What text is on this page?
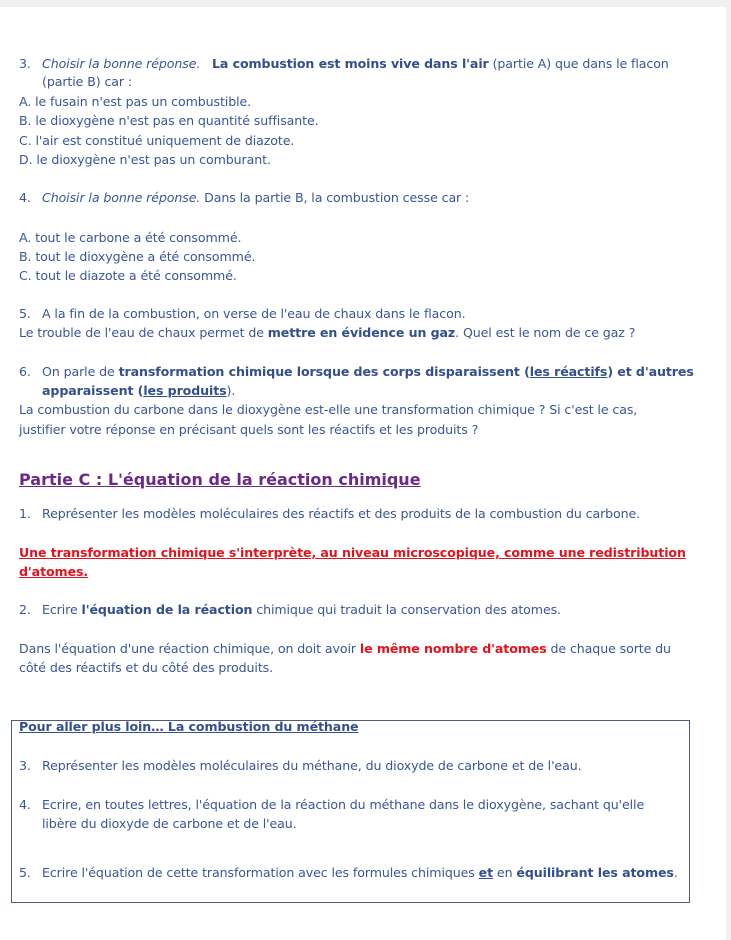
3. Choisir la bonne réponse. La combustion est moins vive dans l'air (partie A) que dans le flacon
(partie B) car :
A. le fusain n'est pas un combustible.
B. le dioxygène n'est pas en quantité suffisante.
C. l'air est constitué uniquement de diazote.
D. le dioxygène n'est pas un comburant.
4. Choisir la bonne réponse. Dans la partie B, la combustion cesse car :
A. tout le carbone a été consommé.
B. tout le dioxygène a été consommé.
C. tout le diazote a été consommé.
5. A la fin de la combustion, on verse de l'eau de chaux dans le flacon.
Le trouble de l'eau de chaux permet de mettre en évidence un gaz. Quel est le nom de ce gaz ?
6. On parle de transformation chimique lorsque des corps disparaissent (les réactifs) et d'autres
apparaissent (les produits).
La combustion du carbone dans le dioxygène est-elle une transformation chimique ? Si c'est le cas,
justifier votre réponse en précisant quels sont les réactifs et les produits ?
Partie C : L'équation de la réaction chimique
1. Représenter les modèles moléculaires des réactifs et des produits de la combustion du carbone.
Une transformation chimique s'interprète, au niveau microscopique, comme une redistribution
d'atomes.
2. Ecrire l'équation de la réaction chimique qui traduit la conservation des atomes.
Dans l'équation d'une réaction chimique, on doit avoir le même nombre d'atomes de chaque sorte du
côté des réactifs et du côté des produits.
Pour aller plus loin… La combustion du méthane
3. Représenter les modèles moléculaires du méthane, du dioxyde de carbone et de l'eau.
4. Ecrire, en toutes lettres, l'équation de la réaction du méthane dans le dioxygène, sachant qu'elle
libère du dioxyde de carbone et de l'eau.
5. Ecrire l'équation de cette transformation avec les formules chimiques et en équilibrant les atomes.
